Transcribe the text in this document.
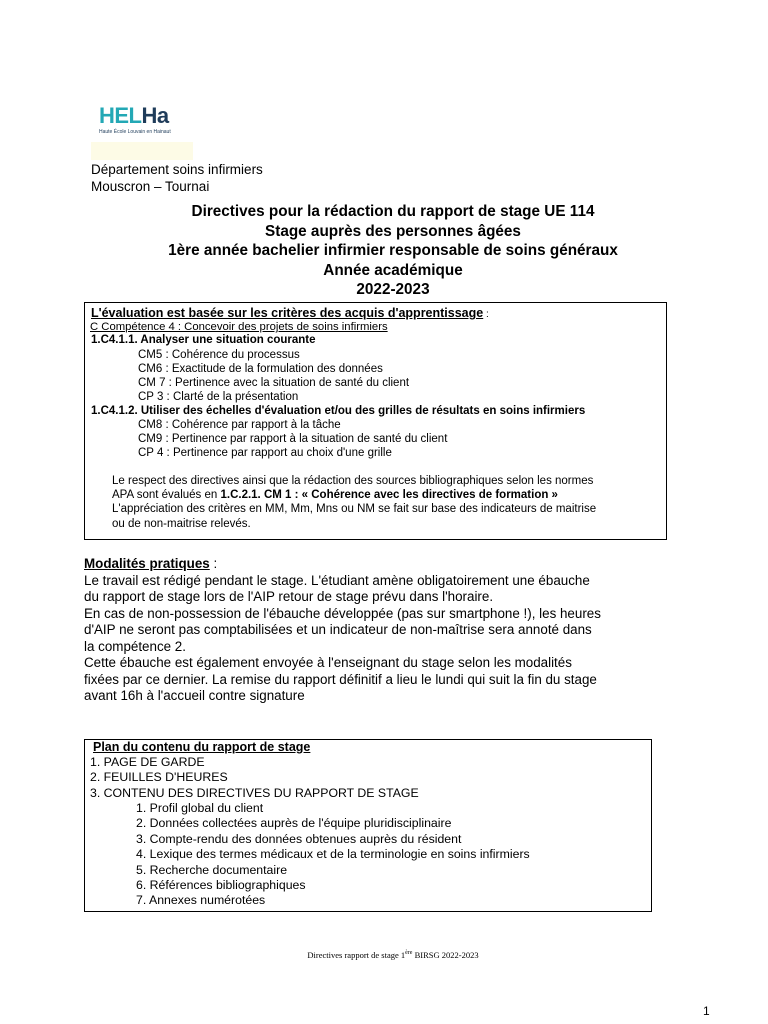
HELHa
Haute École Louvain en Hainaut
Département soins infirmiers
Mouscron – Tournai
Directives pour la rédaction du rapport de stage UE 114
Stage auprès des personnes âgées
1ère année bachelier infirmier responsable de soins généraux
Année académique
2022-2023
L'évaluation est basée sur les critères des acquis d'apprentissage :
C Compétence 4 : Concevoir des projets de soins infirmiers
1.C4.1.1. Analyser une situation courante
CM5 : Cohérence du processus
CM6 : Exactitude de la formulation des données
CM 7 : Pertinence avec la situation de santé du client
CP 3 : Clarté de la présentation
1.C4.1.2. Utiliser des échelles d'évaluation et/ou des grilles de résultats en soins infirmiers
CM8 : Cohérence par rapport à la tâche
CM9 : Pertinence par rapport à la situation de santé du client
CP 4 : Pertinence par rapport au choix d'une grille
Le respect des directives ainsi que la rédaction des sources bibliographiques selon les normes
APA sont évalués en 1.C.2.1. CM 1 : « Cohérence avec les directives de formation »
L'appréciation des critères en MM, Mm, Mns ou NM se fait sur base des indicateurs de maitrise
ou de non-maitrise relevés.
Modalités pratiques :

Le travail est rédigé pendant le stage. L'étudiant amène obligatoirement une ébauche

du rapport de stage lors de l'AIP retour de stage prévu dans l'horaire.

En cas de non-possession de l'ébauche développée (pas sur smartphone !), les heures

d'AIP ne seront pas comptabilisées et un indicateur de non-maîtrise sera annoté dans

la compétence 2.

Cette ébauche est également envoyée à l'enseignant du stage selon les modalités

fixées par ce dernier. La remise du rapport définitif a lieu le lundi qui suit la fin du stage

avant 16h à l'accueil contre signature

Plan du contenu du rapport de stage
1. PAGE DE GARDE
2. FEUILLES D'HEURES
3. CONTENU DES DIRECTIVES DU RAPPORT DE STAGE
1. Profil global du client
2. Données collectées auprès de l'équipe pluridisciplinaire
3. Compte-rendu des données obtenues auprès du résident
4. Lexique des termes médicaux et de la terminologie en soins infirmiers
5. Recherche documentaire
6. Références bibliographiques
7. Annexes numérotées
Directives rapport de stage 1ère BIRSG 2022-2023
1
